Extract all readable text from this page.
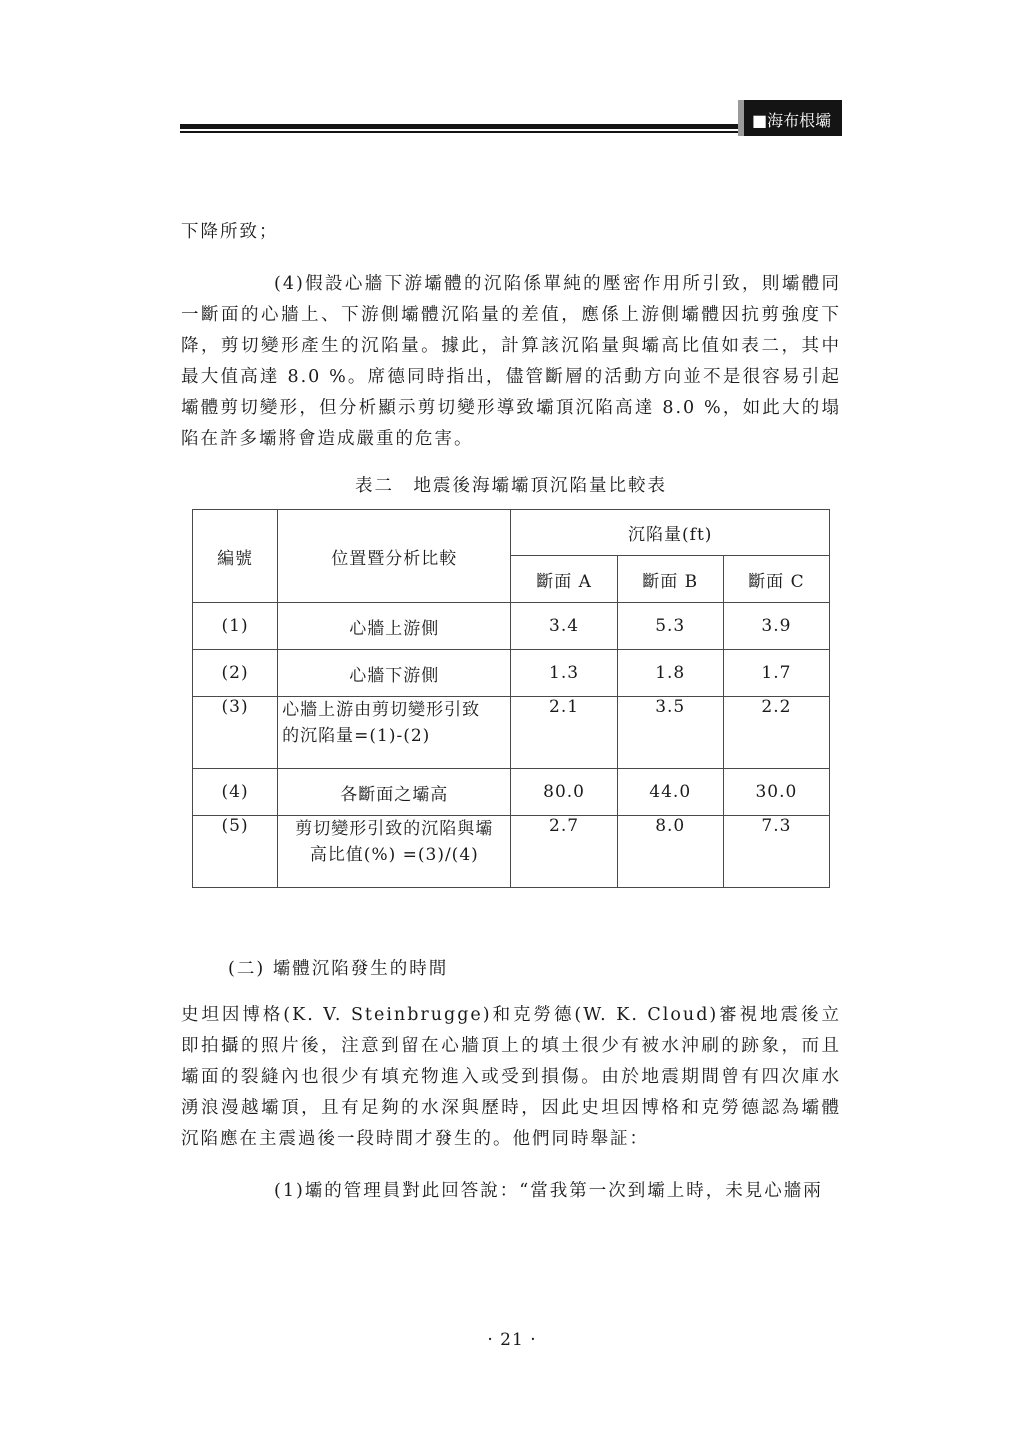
■海布根壩

下降所致；

(4)假設心牆下游壩體的沉陷係單純的壓密作用所引致，則壩體同一斷面的心牆上、下游側壩體沉陷量的差值，應係上游側壩體因抗剪強度下降，剪切變形產生的沉陷量。據此，計算該沉陷量與壩高比值如表二，其中最大值高達 8.0 %。席德同時指出，儘管斷層的活動方向並不是很容易引起壩體剪切變形，但分析顯示剪切變形導致壩頂沉陷高達 8.0 %，如此大的塌陷在許多壩將會造成嚴重的危害。

表二　地震後海壩壩頂沉陷量比較表
編號	位置暨分析比較	沉陷量(ft)		
		斷面 A	斷面 B	斷面 C
(1)	心牆上游側	3.4	5.3	3.9
(2)	心牆下游側	1.3	1.8	1.7
(3)	心牆上游由剪切變形引致
的沉陷量=(1)-(2)	2.1	3.5	2.2
(4)	各斷面之壩高	80.0	44.0	30.0
(5)	剪切變形引致的沉陷與壩
高比值(%) =(3)/(4)	2.7	8.0	7.3
(二) 壩體沉陷發生的時間

史坦因博格(K. V. Steinbrugge)和克勞德(W. K. Cloud)審視地震後立即拍攝的照片後，注意到留在心牆頂上的填土很少有被水沖刷的跡象，而且壩面的裂縫內也很少有填充物進入或受到損傷。由於地震期間曾有四次庫水湧浪漫越壩頂，且有足夠的水深與歷時，因此史坦因博格和克勞德認為壩體沉陷應在主震過後一段時間才發生的。他們同時舉証：

(1)壩的管理員對此回答說：“當我第一次到壩上時，未見心牆兩

· 21 ·
